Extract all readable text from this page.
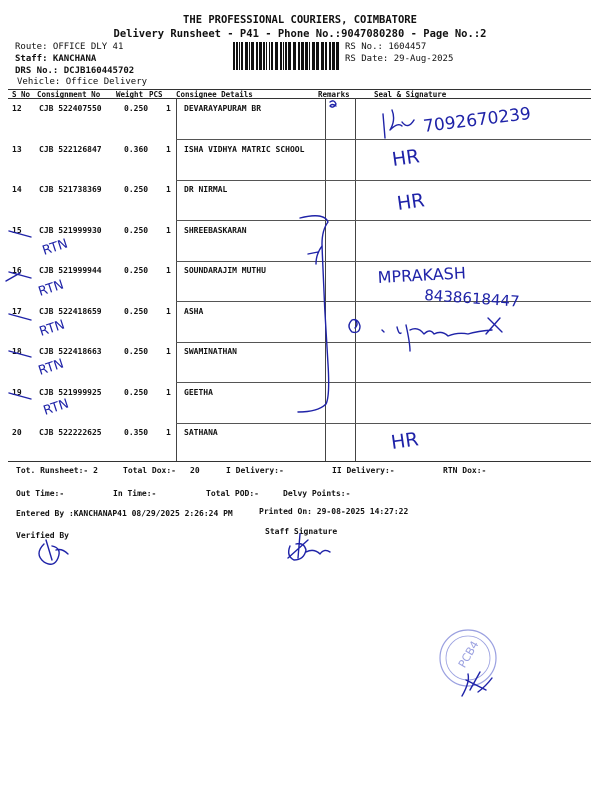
THE PROFESSIONAL COURIERS, COIMBATORE
Delivery Runsheet - P41 - Phone No.:9047080280 - Page No.:2
Route: OFFICE DLY 41
Staff: KANCHANA
DRS No.: DCJB160445702
Vehicle: Office Delivery
RS No.: 1604457
RS Date: 29-Aug-2025
S No Consignment No Weight PCS Consignee Details	Remarks	Seal & Signature
12 CJB 522407550	0.250 1 DEVARAYAPURAM BR
13 CJB 522126847	0.360 1 ISHA VIDHYA MATRIC SCHOOL
14 CJB 521738369	0.250 1 DR NIRMAL
15 CJB 521999930	0.250 1 SHREEBASKARAN
16 CJB 521999944	0.250 1 SOUNDARAJIM MUTHU
17 CJB 522418659	0.250 1 ASHA
18 CJB 522418663	0.250 1 SWAMINATHAN
19 CJB 521999925	0.250 1 GEETHA
20 CJB 522222625	0.350 1 SATHANA
Tot. Runsheet:- 2	Total Dox:- 20	I Delivery:-	II Delivery:-	RTN Dox:-
Out Time:-	In Time:-	Total POD:-	Delvy Points:-
Entered By :KANCHANAP41 08/29/2025 2:26:24 PM	Printed On: 29-08-2025 14:27:22
Verified By	Staff Signature
7092670239
HR
HR
HR
MPRAKASH
8438618447
RTN
RTN
RTN
RTN
RTN
PCB4
